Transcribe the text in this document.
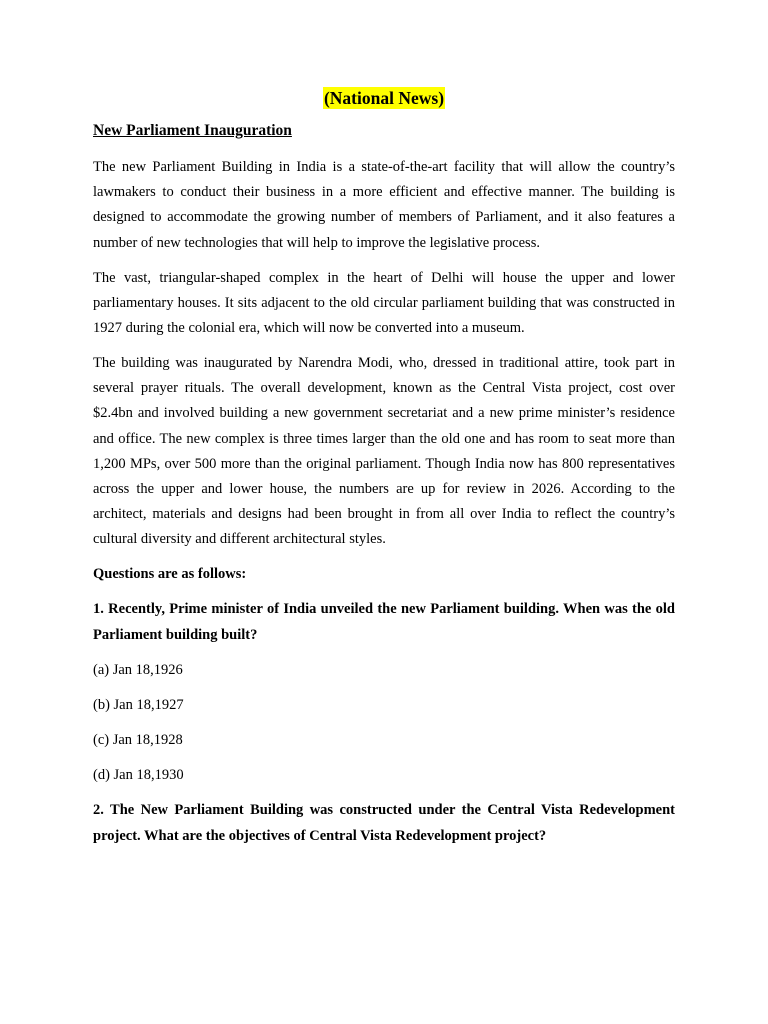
(National News)
New Parliament Inauguration

The new Parliament Building in India is a state-of-the-art facility that will allow the country’s lawmakers to conduct their business in a more efficient and effective manner. The building is designed to accommodate the growing number of members of Parliament, and it also features a number of new technologies that will help to improve the legislative process.

The vast, triangular-shaped complex in the heart of Delhi will house the upper and lower parliamentary houses. It sits adjacent to the old circular parliament building that was constructed in 1927 during the colonial era, which will now be converted into a museum.

The building was inaugurated by Narendra Modi, who, dressed in traditional attire, took part in several prayer rituals. The overall development, known as the Central Vista project, cost over $2.4bn and involved building a new government secretariat and a new prime minister’s residence and office. The new complex is three times larger than the old one and has room to seat more than 1,200 MPs, over 500 more than the original parliament. Though India now has 800 representatives across the upper and lower house, the numbers are up for review in 2026. According to the architect, materials and designs had been brought in from all over India to reflect the country’s cultural diversity and different architectural styles.

Questions are as follows:

1. Recently, Prime minister of India unveiled the new Parliament building. When was the old Parliament building built?

(a) Jan 18,1926

(b) Jan 18,1927

(c) Jan 18,1928

(d) Jan 18,1930

2. The New Parliament Building was constructed under the Central Vista Redevelopment project. What are the objectives of Central Vista Redevelopment project?
